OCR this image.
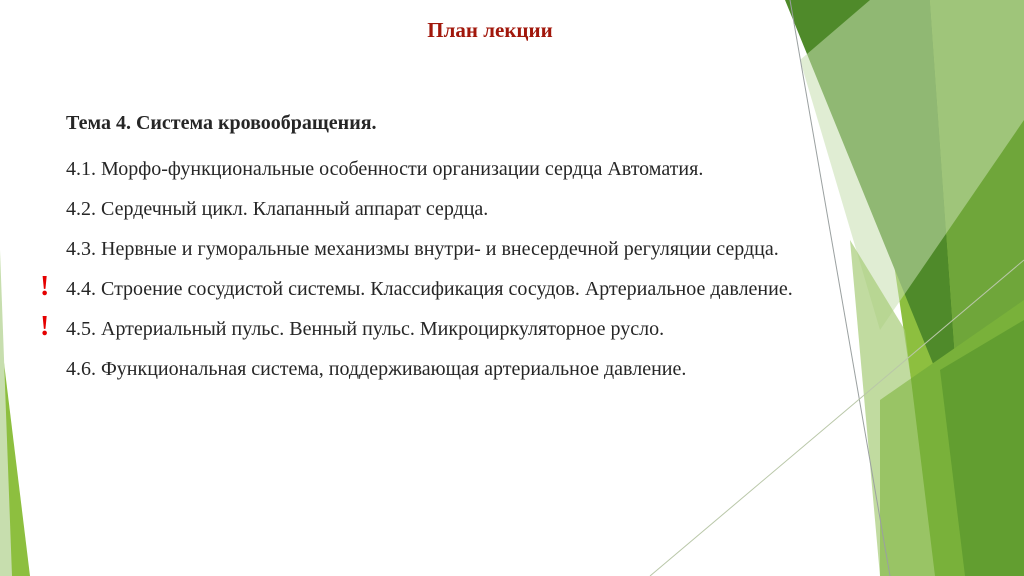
План лекции
Тема 4. Система кровообращения.
4.1. Морфо-функциональные особенности организации сердца Автоматия.
4.2. Сердечный цикл. Клапанный аппарат сердца.
4.3. Нервные и гуморальные механизмы внутри- и внесердечной регуляции сердца.
! 4.4. Строение сосудистой системы. Классификация сосудов. Артериальное давление.
! 4.5. Артериальный пульс. Венный пульс. Микроциркуляторное русло.
4.6. Функциональная система, поддерживающая артериальное давление.
